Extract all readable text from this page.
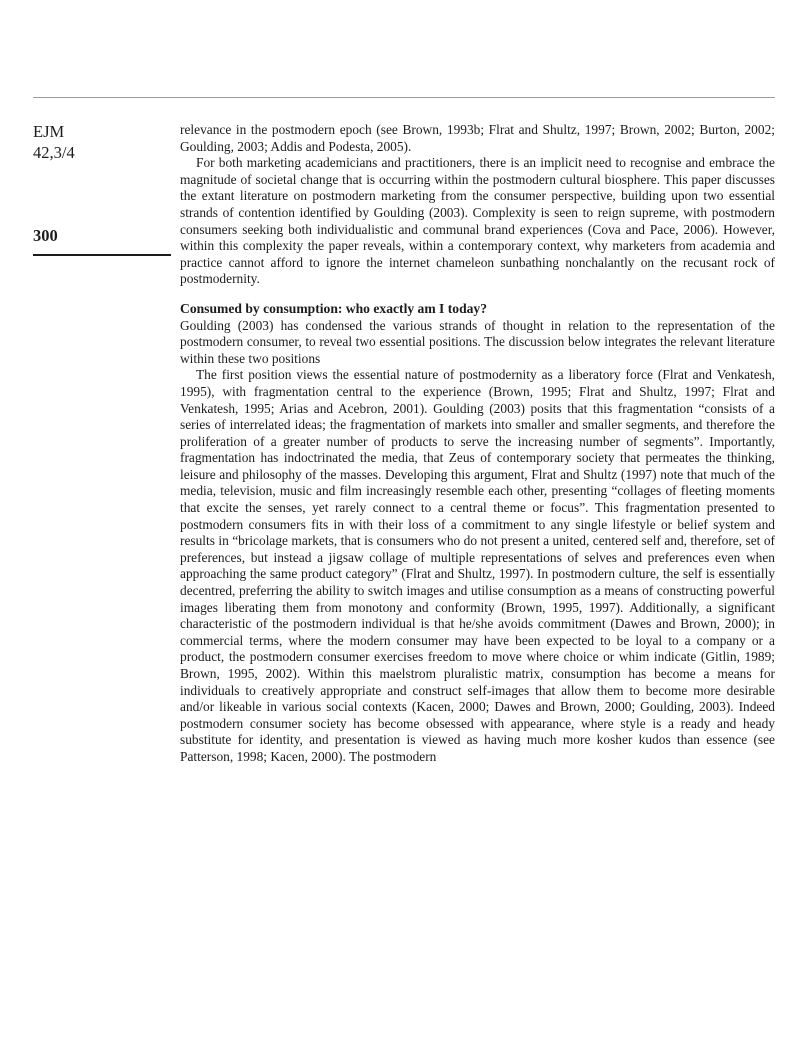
EJM
42,3/4
300

relevance in the postmodern epoch (see Brown, 1993b; Flrat and Shultz, 1997; Brown, 2002; Burton, 2002; Goulding, 2003; Addis and Podesta, 2005).

For both marketing academicians and practitioners, there is an implicit need to recognise and embrace the magnitude of societal change that is occurring within the postmodern cultural biosphere. This paper discusses the extant literature on postmodern marketing from the consumer perspective, building upon two essential strands of contention identified by Goulding (2003). Complexity is seen to reign supreme, with postmodern consumers seeking both individualistic and communal brand experiences (Cova and Pace, 2006). However, within this complexity the paper reveals, within a contemporary context, why marketers from academia and practice cannot afford to ignore the internet chameleon sunbathing nonchalantly on the recusant rock of postmodernity.

Consumed by consumption: who exactly am I today?

Goulding (2003) has condensed the various strands of thought in relation to the representation of the postmodern consumer, to reveal two essential positions. The discussion below integrates the relevant literature within these two positions

The first position views the essential nature of postmodernity as a liberatory force (Flrat and Venkatesh, 1995), with fragmentation central to the experience (Brown, 1995; Flrat and Shultz, 1997; Flrat and Venkatesh, 1995; Arias and Acebron, 2001). Goulding (2003) posits that this fragmentation “consists of a series of interrelated ideas; the fragmentation of markets into smaller and smaller segments, and therefore the proliferation of a greater number of products to serve the increasing number of segments”. Importantly, fragmentation has indoctrinated the media, that Zeus of contemporary society that permeates the thinking, leisure and philosophy of the masses. Developing this argument, Flrat and Shultz (1997) note that much of the media, television, music and film increasingly resemble each other, presenting “collages of fleeting moments that excite the senses, yet rarely connect to a central theme or focus”. This fragmentation presented to postmodern consumers fits in with their loss of a commitment to any single lifestyle or belief system and results in “bricolage markets, that is consumers who do not present a united, centered self and, therefore, set of preferences, but instead a jigsaw collage of multiple representations of selves and preferences even when approaching the same product category” (Flrat and Shultz, 1997). In postmodern culture, the self is essentially decentred, preferring the ability to switch images and utilise consumption as a means of constructing powerful images liberating them from monotony and conformity (Brown, 1995, 1997). Additionally, a significant characteristic of the postmodern individual is that he/she avoids commitment (Dawes and Brown, 2000); in commercial terms, where the modern consumer may have been expected to be loyal to a company or a product, the postmodern consumer exercises freedom to move where choice or whim indicate (Gitlin, 1989; Brown, 1995, 2002). Within this maelstrom pluralistic matrix, consumption has become a means for individuals to creatively appropriate and construct self-images that allow them to become more desirable and/or likeable in various social contexts (Kacen, 2000; Dawes and Brown, 2000; Goulding, 2003). Indeed postmodern consumer society has become obsessed with appearance, where style is a ready and heady substitute for identity, and presentation is viewed as having much more kosher kudos than essence (see Patterson, 1998; Kacen, 2000). The postmodern
